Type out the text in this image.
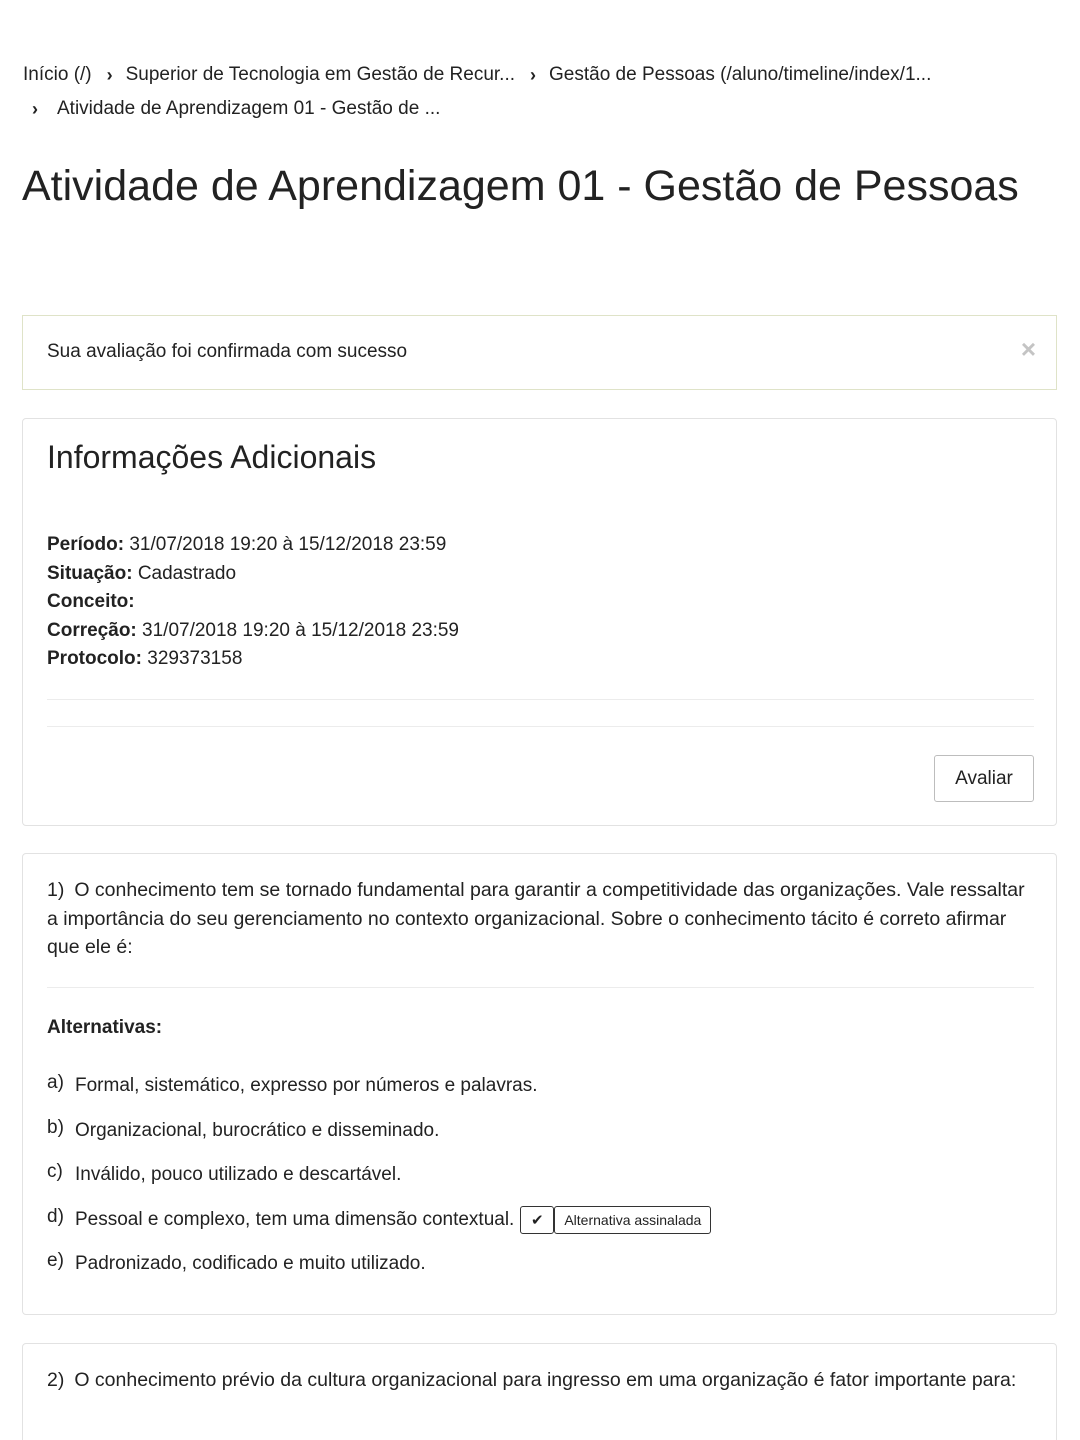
Início (/) › Superior de Tecnologia em Gestão de Recur... › Gestão de Pessoas (/aluno/timeline/index/1...
› Atividade de Aprendizagem 01 - Gestão de ...
Atividade de Aprendizagem 01 - Gestão de Pessoas
Sua avaliação foi confirmada com sucesso	×
Informações Adicionais
Período: 31/07/2018 19:20 à 15/12/2018 23:59
Situação: Cadastrado
Conceito:
Correção: 31/07/2018 19:20 à 15/12/2018 23:59
Protocolo: 329373158
Avaliar

1) O conhecimento tem se tornado fundamental para garantir a competitividade das organizações. Vale ressaltar a importância do seu gerenciamento no contexto organizacional. Sobre o conhecimento tácito é correto afirmar que ele é:

Alternativas:
a) Formal, sistemático, expresso por números e palavras.
b) Organizacional, burocrático e disseminado.
c) Inválido, pouco utilizado e descartável.
d) Pessoal e complexo, tem uma dimensão contextual.	✔	Alternativa assinalada
e) Padronizado, codificado e muito utilizado.

2) O conhecimento prévio da cultura organizacional para ingresso em uma organização é fator importante para:
